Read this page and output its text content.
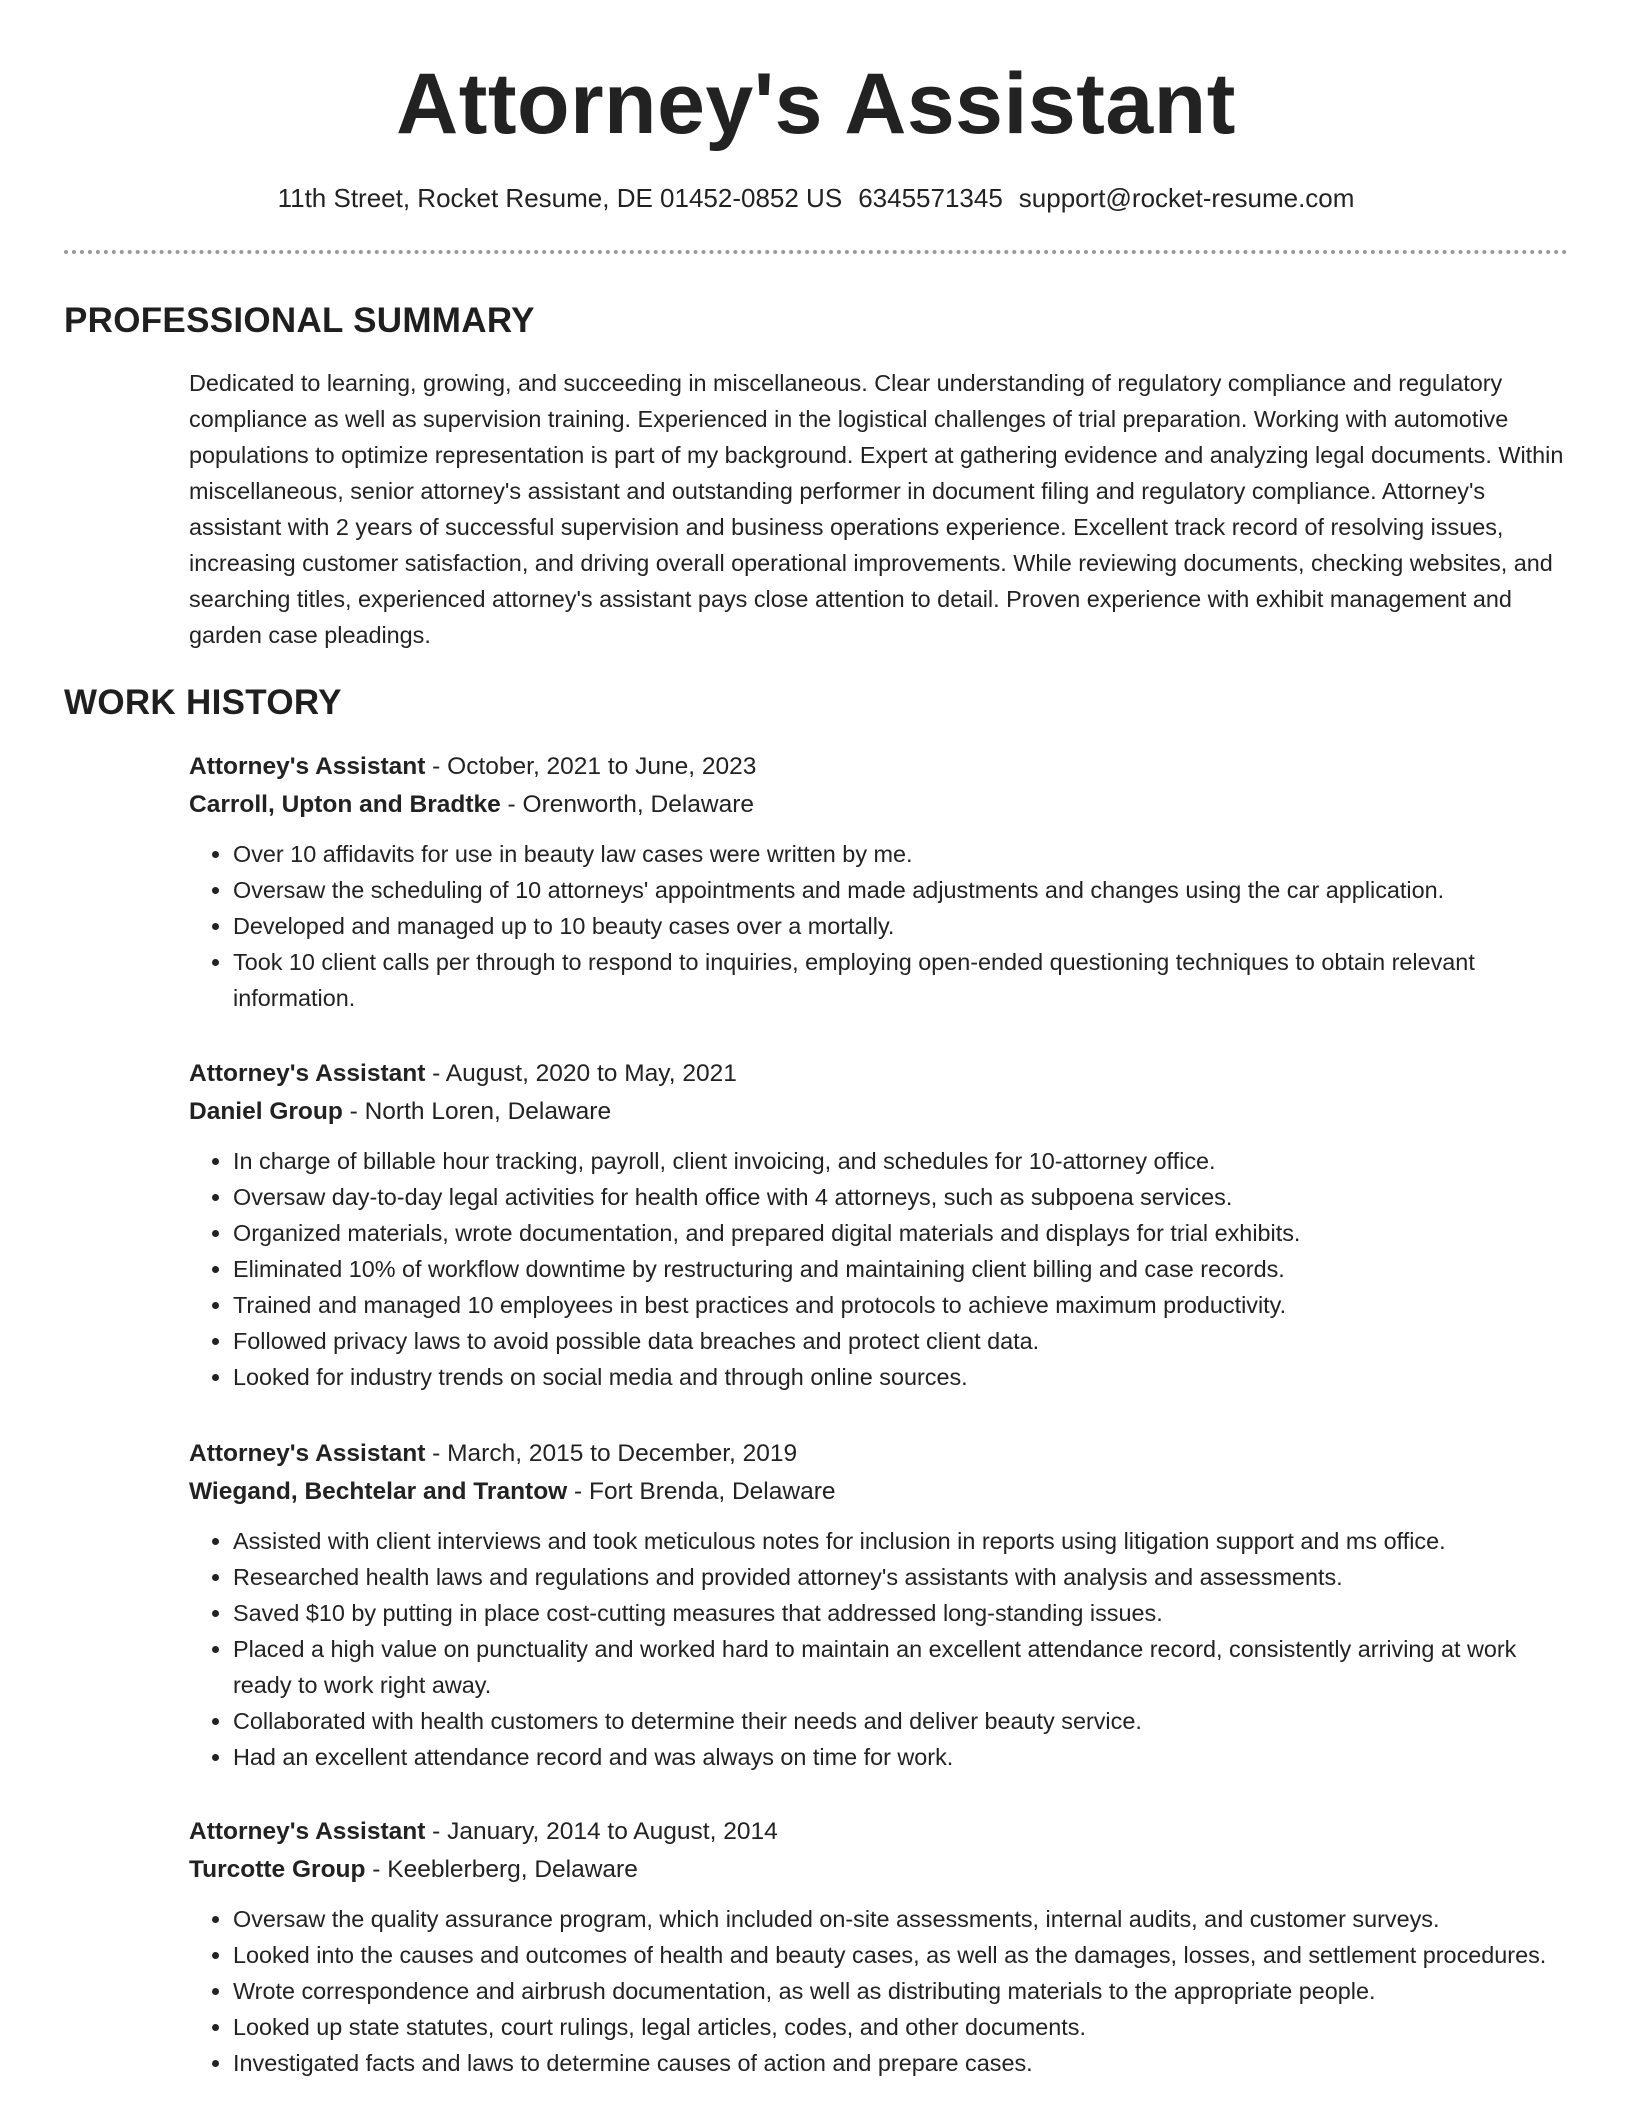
Attorney's Assistant
11th Street, Rocket Resume, DE 01452-0852 US 6345571345 support@rocket-resume.com
PROFESSIONAL SUMMARY
Dedicated to learning, growing, and succeeding in miscellaneous. Clear understanding of regulatory compliance and regulatory compliance as well as supervision training. Experienced in the logistical challenges of trial preparation. Working with automotive populations to optimize representation is part of my background. Expert at gathering evidence and analyzing legal documents. Within miscellaneous, senior attorney's assistant and outstanding performer in document filing and regulatory compliance. Attorney's assistant with 2 years of successful supervision and business operations experience. Excellent track record of resolving issues, increasing customer satisfaction, and driving overall operational improvements. While reviewing documents, checking websites, and searching titles, experienced attorney's assistant pays close attention to detail. Proven experience with exhibit management and garden case pleadings.
WORK HISTORY
Attorney's Assistant - October, 2021 to June, 2023
Carroll, Upton and Bradtke - Orenworth, Delaware
• Over 10 affidavits for use in beauty law cases were written by me.
• Oversaw the scheduling of 10 attorneys' appointments and made adjustments and changes using the car application.
• Developed and managed up to 10 beauty cases over a mortally.
• Took 10 client calls per through to respond to inquiries, employing open-ended questioning techniques to obtain relevant information.
Attorney's Assistant - August, 2020 to May, 2021
Daniel Group - North Loren, Delaware
• In charge of billable hour tracking, payroll, client invoicing, and schedules for 10-attorney office.
• Oversaw day-to-day legal activities for health office with 4 attorneys, such as subpoena services.
• Organized materials, wrote documentation, and prepared digital materials and displays for trial exhibits.
• Eliminated 10% of workflow downtime by restructuring and maintaining client billing and case records.
• Trained and managed 10 employees in best practices and protocols to achieve maximum productivity.
• Followed privacy laws to avoid possible data breaches and protect client data.
• Looked for industry trends on social media and through online sources.
Attorney's Assistant - March, 2015 to December, 2019
Wiegand, Bechtelar and Trantow - Fort Brenda, Delaware
• Assisted with client interviews and took meticulous notes for inclusion in reports using litigation support and ms office.
• Researched health laws and regulations and provided attorney's assistants with analysis and assessments.
• Saved $10 by putting in place cost-cutting measures that addressed long-standing issues.
• Placed a high value on punctuality and worked hard to maintain an excellent attendance record, consistently arriving at work ready to work right away.
• Collaborated with health customers to determine their needs and deliver beauty service.
• Had an excellent attendance record and was always on time for work.
Attorney's Assistant - January, 2014 to August, 2014
Turcotte Group - Keeblerberg, Delaware
• Oversaw the quality assurance program, which included on-site assessments, internal audits, and customer surveys.
• Looked into the causes and outcomes of health and beauty cases, as well as the damages, losses, and settlement procedures.
• Wrote correspondence and airbrush documentation, as well as distributing materials to the appropriate people.
• Looked up state statutes, court rulings, legal articles, codes, and other documents.
• Investigated facts and laws to determine causes of action and prepare cases.
